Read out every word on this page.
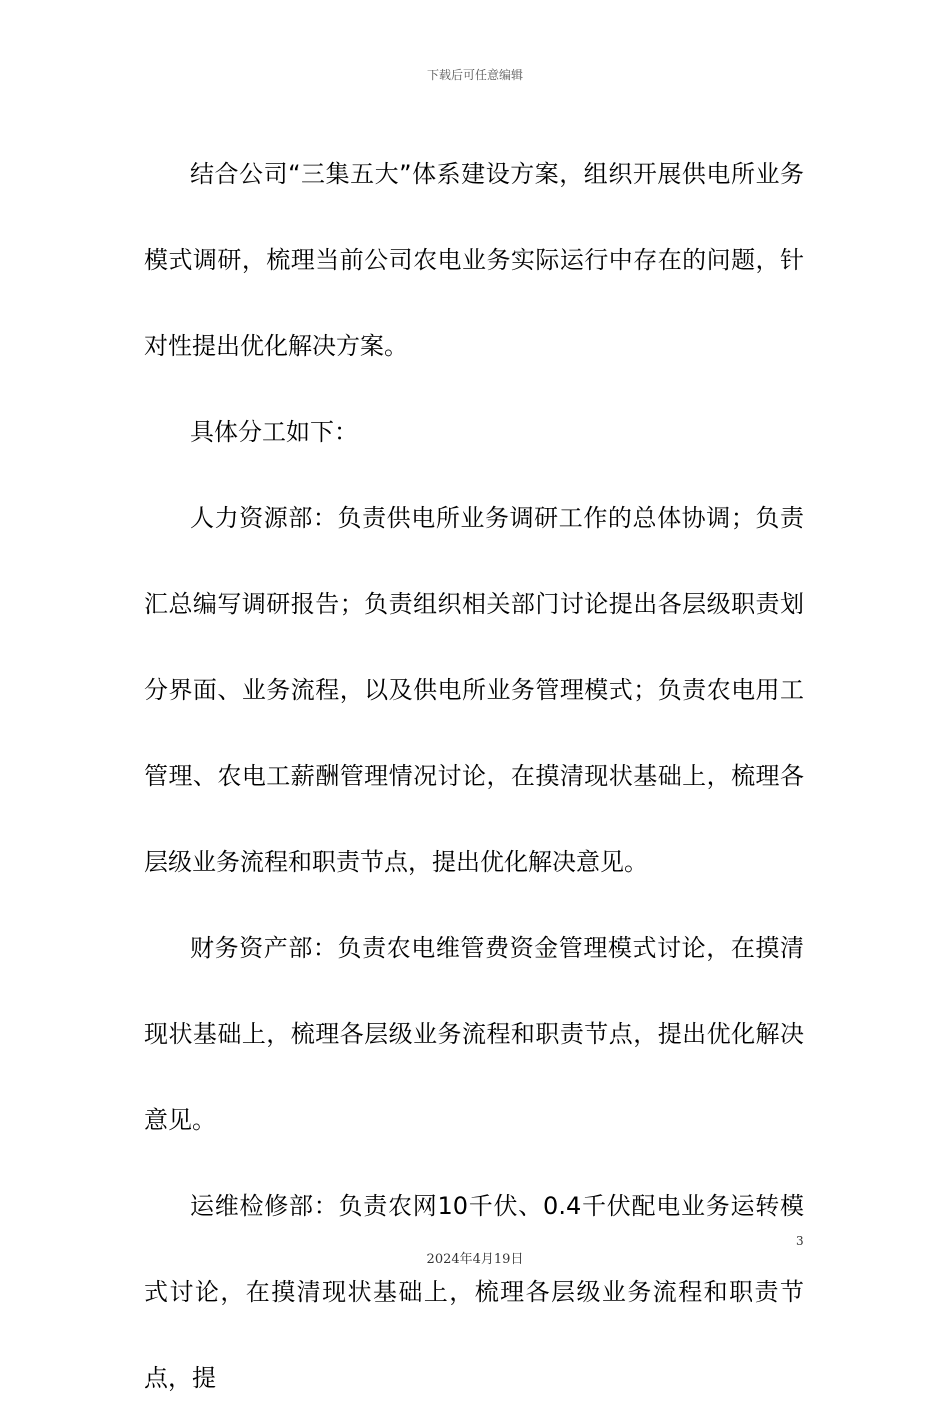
下载后可任意编辑

结合公司“三集五大”体系建设方案，组织开展供电所业务模式调研，梳理当前公司农电业务实际运行中存在的问题，针对性提出优化解决方案。

具体分工如下：

人力资源部：负责供电所业务调研工作的总体协调；负责汇总编写调研报告；负责组织相关部门讨论提出各层级职责划分界面、业务流程，以及供电所业务管理模式；负责农电用工管理、农电工薪酬管理情况讨论，在摸清现状基础上，梳理各层级业务流程和职责节点，提出优化解决意见。

财务资产部：负责农电维管费资金管理模式讨论，在摸清现状基础上，梳理各层级业务流程和职责节点，提出优化解决意见。

运维检修部：负责农网10千伏、0.4千伏配电业务运转模式讨论，在摸清现状基础上，梳理各层级业务流程和职责节点，提

3
2024年4月19日
